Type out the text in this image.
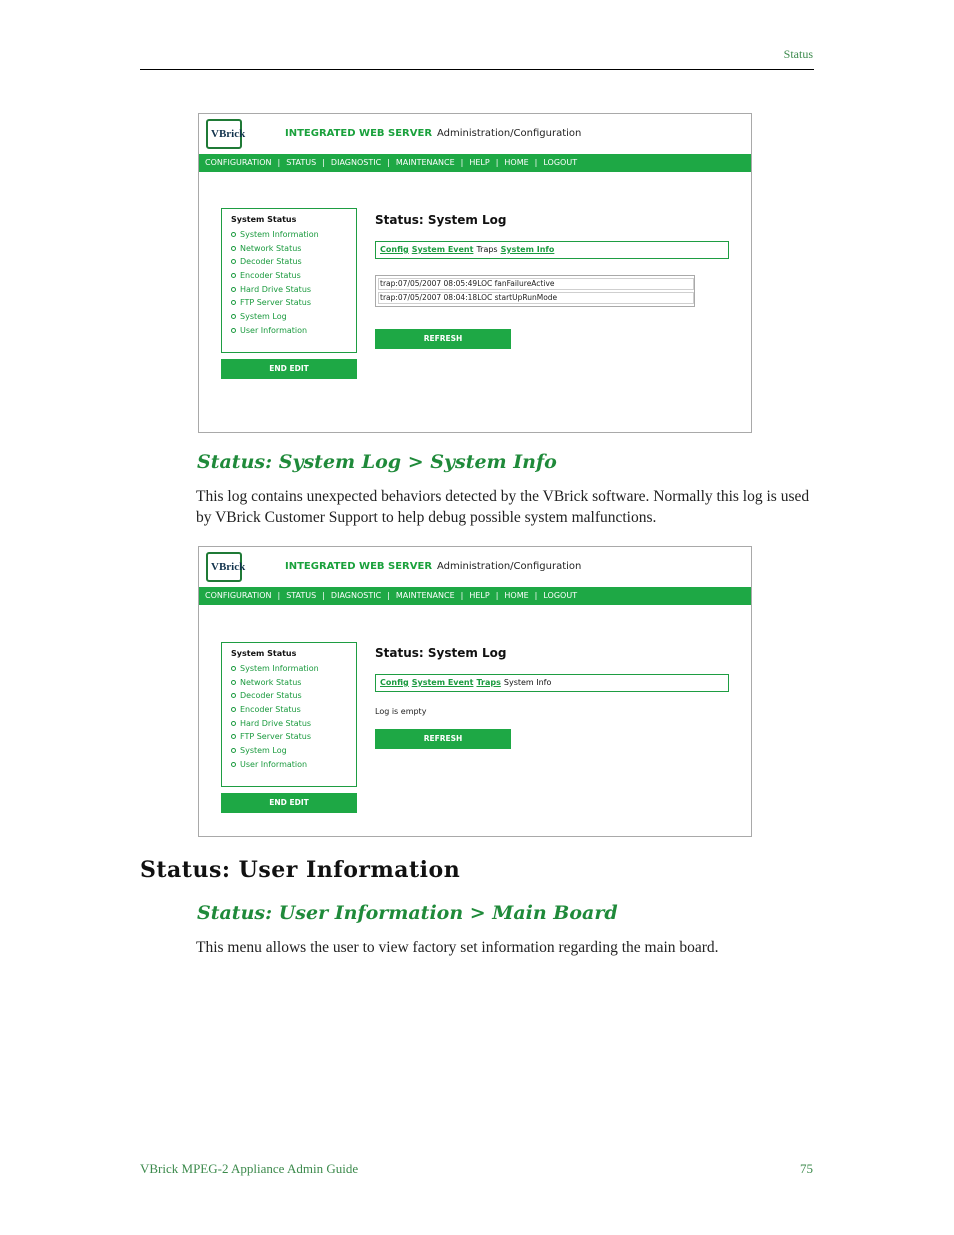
Status
VBrick	INTEGRATED WEB SERVER Administration/Configuration
CONFIGURATION | STATUS | DIAGNOSTIC | MAINTENANCE | HELP | HOME | LOGOUT
System Status
System Information
Network Status
Decoder Status
Encoder Status
Hard Drive Status
FTP Server Status
System Log
User Information
END EDIT
Status: System Log
Config System Event Traps System Info
trap:07/05/2007 08:05:49LOC fanFailureActive
trap:07/05/2007 08:04:18LOC startUpRunMode
REFRESH
Status: System Log > System Info
This log contains unexpected behaviors detected by the VBrick software. Normally this log is used by VBrick Customer Support to help debug possible system malfunctions.
VBrick	INTEGRATED WEB SERVER Administration/Configuration
CONFIGURATION | STATUS | DIAGNOSTIC | MAINTENANCE | HELP | HOME | LOGOUT
System Status
System Information
Network Status
Decoder Status
Encoder Status
Hard Drive Status
FTP Server Status
System Log
User Information
END EDIT
Status: System Log
Config System Event Traps System Info
Log is empty
REFRESH
Status: User Information
Status: User Information > Main Board
This menu allows the user to view factory set information regarding the main board.
VBrick MPEG-2 Appliance Admin Guide	75
